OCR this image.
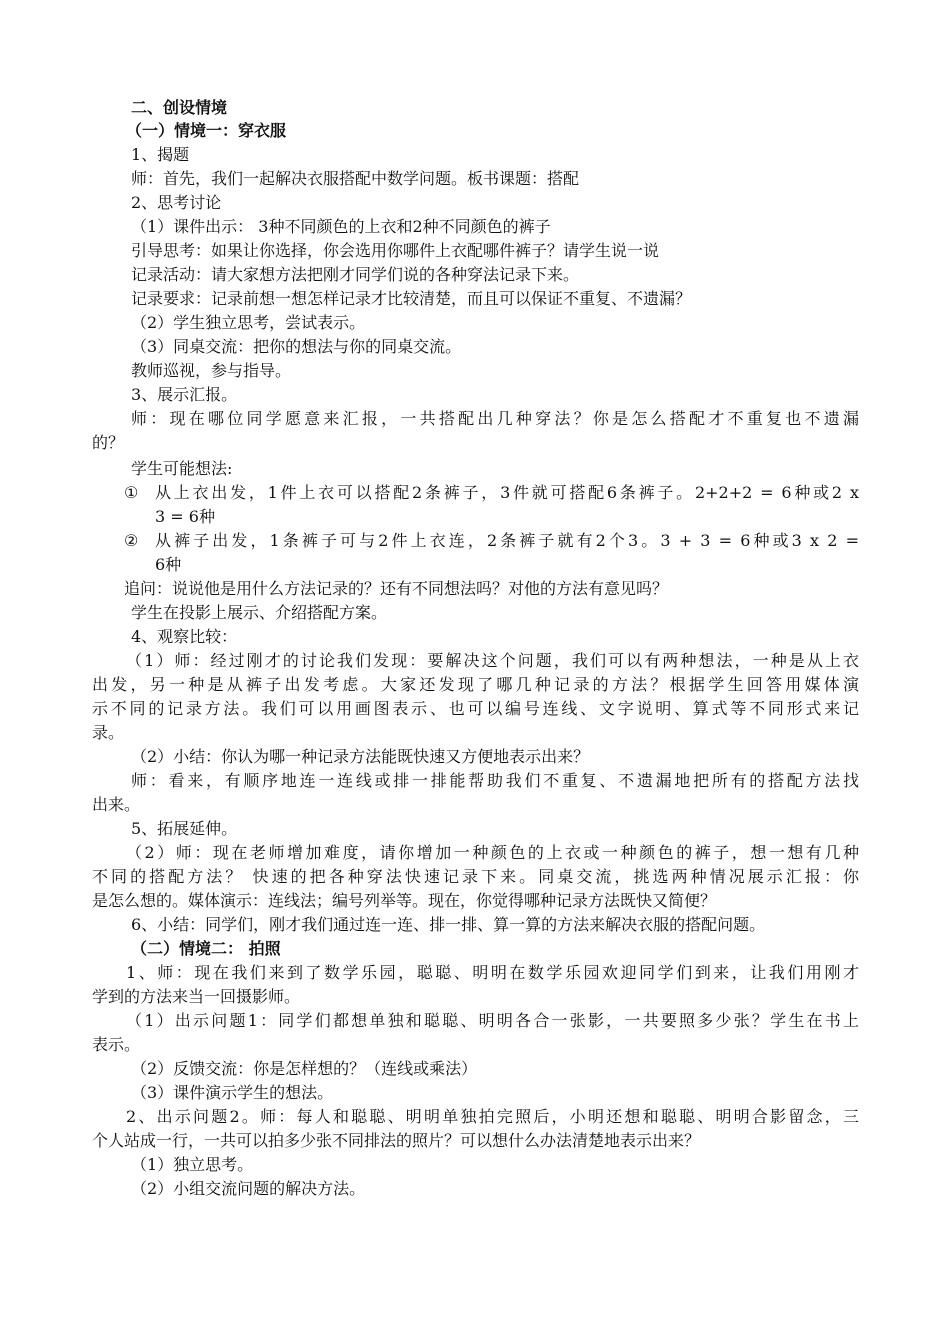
二、创设情境
（一）情境一：穿衣服
1、揭题
师：首先，我们一起解决衣服搭配中数学问题。板书课题：搭配
2、思考讨论
（1）课件出示： 3种不同颜色的上衣和2种不同颜色的裤子
引导思考：如果让你选择，你会选用你哪件上衣配哪件裤子？请学生说一说
记录活动：请大家想方法把刚才同学们说的各种穿法记录下来。
记录要求：记录前想一想怎样记录才比较清楚，而且可以保证不重复、不遗漏？
（2）学生独立思考，尝试表示。
（3）同桌交流：把你的想法与你的同桌交流。
教师巡视，参与指导。
3、展示汇报。
师：现在哪位同学愿意来汇报，一共搭配出几种穿法？你是怎么搭配才不重复也不遗漏
的？
学生可能想法:
① 从上衣出发，1件上衣可以搭配2条裤子，3件就可搭配6条裤子。2+2+2 = 6种或2 x
3 = 6种
② 从裤子出发，1条裤子可与2件上衣连，2条裤子就有2个3。3 + 3 = 6种或3 x 2 =
6种
追问：说说他是用什么方法记录的？还有不同想法吗？对他的方法有意见吗？
学生在投影上展示、介绍搭配方案。
4、观察比较：
（1）师：经过刚才的讨论我们发现：要解决这个问题，我们可以有两种想法，一种是从上衣
出发，另一种是从裤子出发考虑。大家还发现了哪几种记录的方法？根据学生回答用媒体演
示不同的记录方法。我们可以用画图表示、也可以编号连线、文字说明、算式等不同形式来记
录。
（2）小结：你认为哪一种记录方法能既快速又方便地表示出来？
师：看来，有顺序地连一连线或排一排能帮助我们不重复、不遗漏地把所有的搭配方法找
出来。
5、拓展延伸。
（2）师：现在老师增加难度，请你增加一种颜色的上衣或一种颜色的裤子，想一想有几种
不同的搭配方法？ 快速的把各种穿法快速记录下来。同桌交流，挑选两种情况展示汇报：你
是怎么想的。媒体演示：连线法；编号列举等。现在，你觉得哪种记录方法既快又简便？
6、小结：同学们，刚才我们通过连一连、排一排、算一算的方法来解决衣服的搭配问题。
（二）情境二： 拍照
1、师：现在我们来到了数学乐园，聪聪、明明在数学乐园欢迎同学们到来，让我们用刚才
学到的方法来当一回摄影师。
（1）出示问题1：同学们都想单独和聪聪、明明各合一张影，一共要照多少张？学生在书上
表示。
（2）反馈交流：你是怎样想的？（连线或乘法）
（3）课件演示学生的想法。
2、出示问题2。师：每人和聪聪、明明单独拍完照后，小明还想和聪聪、明明合影留念，三
个人站成一行，一共可以拍多少张不同排法的照片？可以想什么办法清楚地表示出来？
（1）独立思考。
（2）小组交流问题的解决方法。
